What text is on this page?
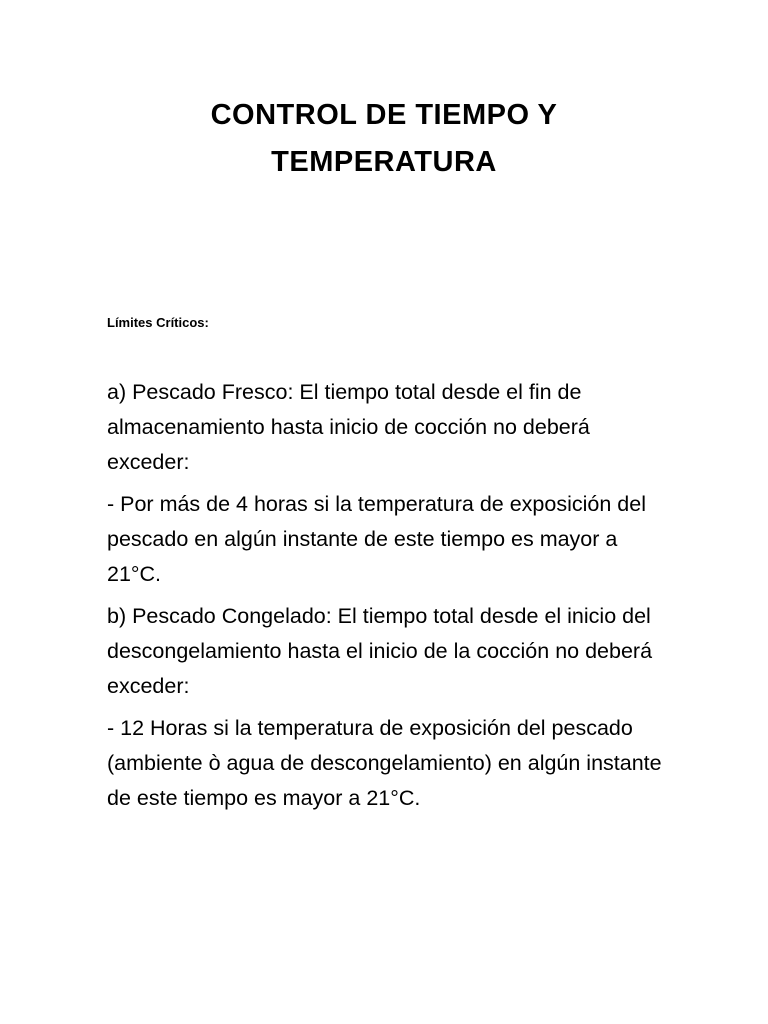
CONTROL DE TIEMPO Y
TEMPERATURA
Límites Críticos:

a) Pescado Fresco: El tiempo total desde el fin de almacenamiento hasta inicio de cocción no deberá exceder:

- Por más de 4 horas si la temperatura de exposición del pescado en algún instante de este tiempo es mayor a 21°C.

b) Pescado Congelado: El tiempo total desde el inicio del descongelamiento hasta el inicio de la cocción no deberá exceder:

- 12 Horas si la temperatura de exposición del pescado (ambiente ò agua de descongelamiento) en algún instante de este tiempo es mayor a 21°C.
